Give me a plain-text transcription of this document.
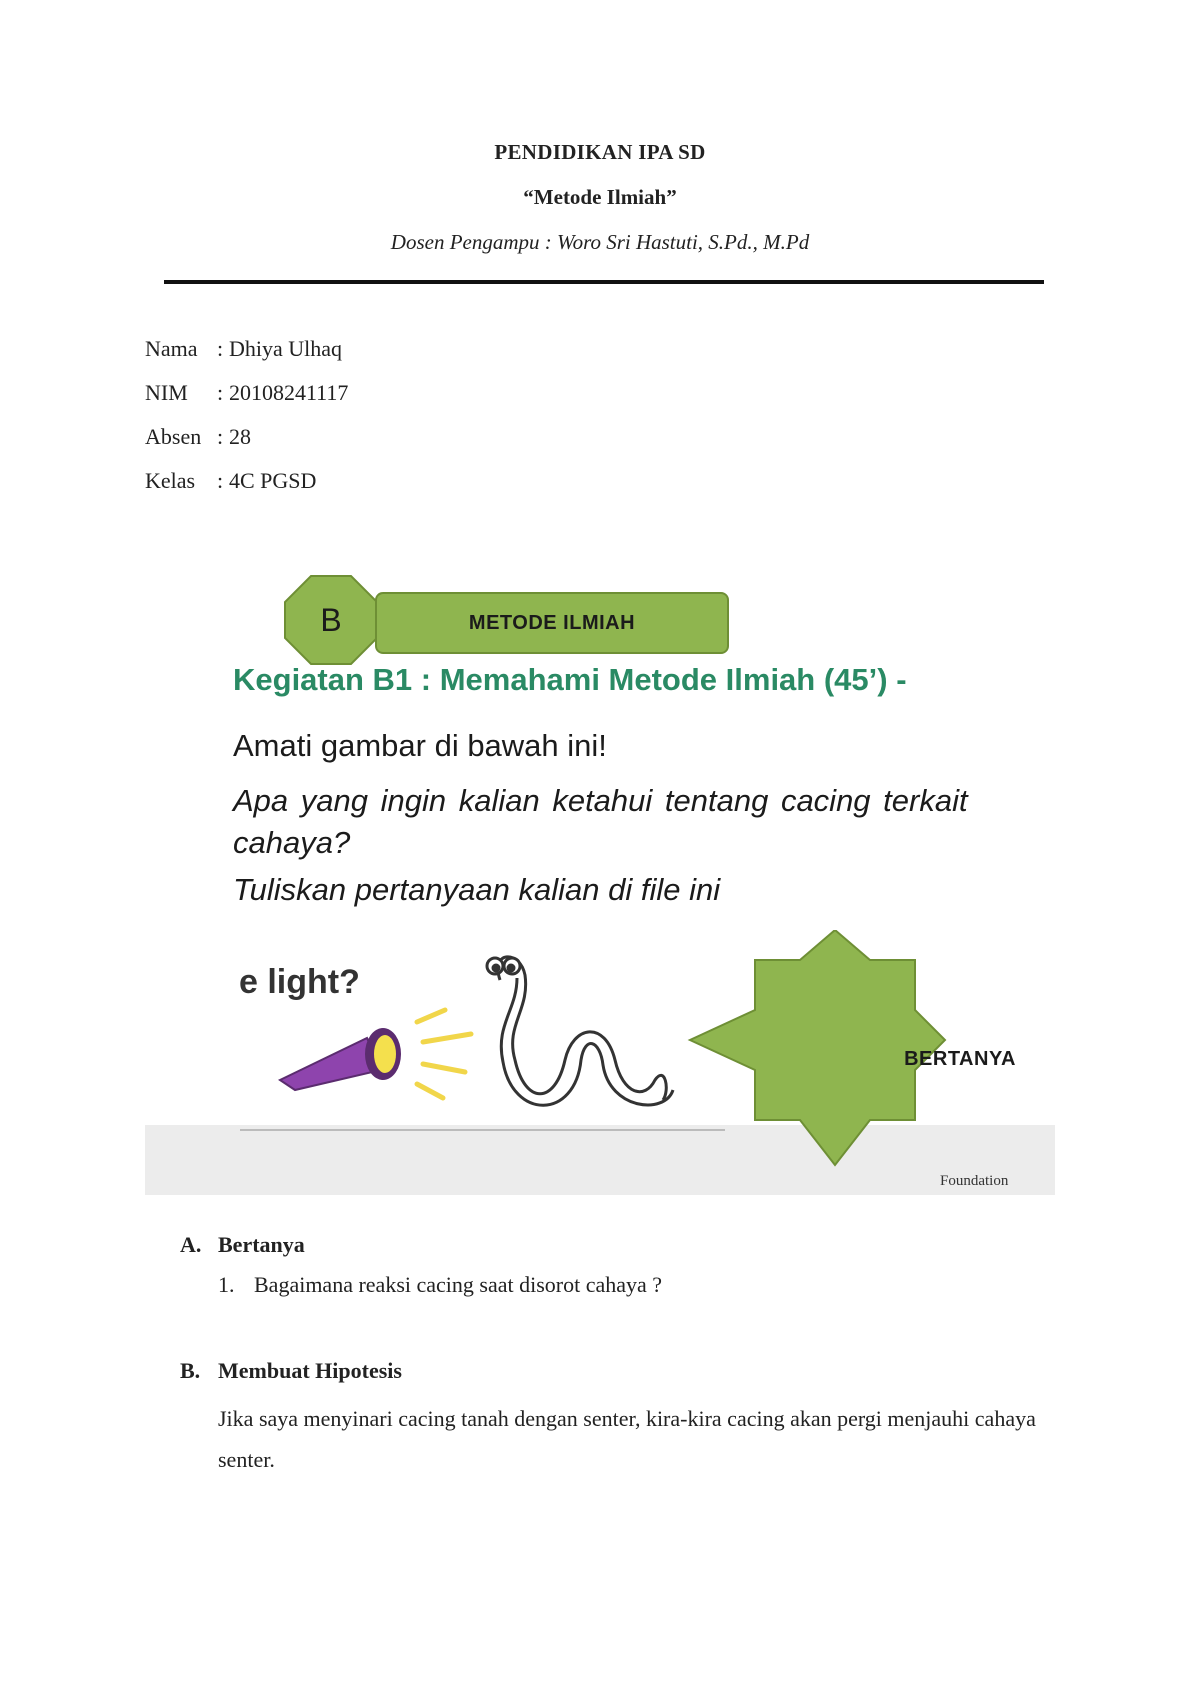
PENDIDIKAN IPA SD

“Metode Ilmiah”

Dosen Pengampu : Woro Sri Hastuti, S.Pd., M.Pd

Nama : Dhiya Ulhaq
NIM	: 20108241117
Absen : 28
Kelas : 4C PGSD
METODE ILMIAH
B
Kegiatan B1 : Memahami Metode Ilmiah (45’) -
Amati gambar di bawah ini!
Apa yang ingin kalian ketahui tentang cacing terkait cahaya?
Tuliskan pertanyaan kalian di file ini
e light?
BERTANYA
Foundation
A. Bertanya
1. Bagaimana reaksi cacing saat disorot cahaya ?
B. Membuat Hipotesis
Jika saya menyinari cacing tanah dengan senter, kira-kira cacing akan pergi menjauhi cahaya senter.
